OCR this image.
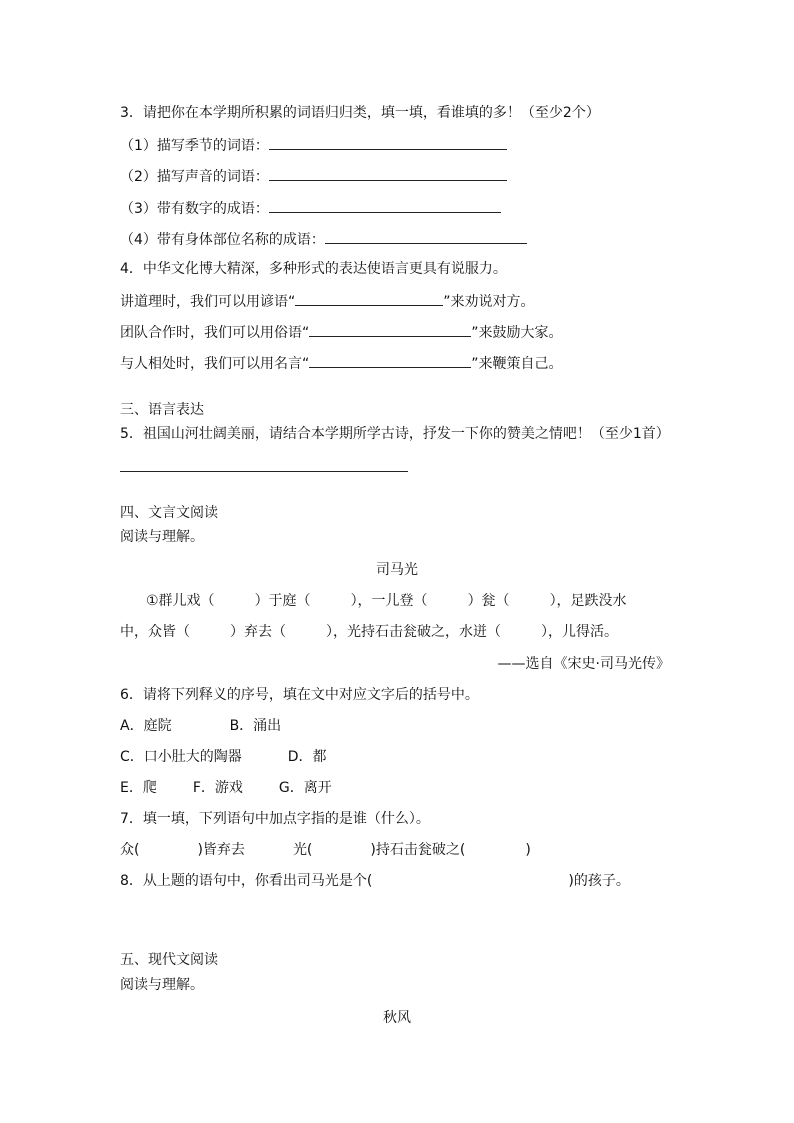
3．请把你在本学期所积累的词语归归类，填一填，看谁填的多！（至少2个）
（1）描写季节的词语：
（2）描写声音的词语：
（3）带有数字的成语：
（4）带有身体部位名称的成语：
4．中华文化博大精深，多种形式的表达使语言更具有说服力。
讲道理时，我们可以用谚语“	”来劝说对方。
团队合作时，我们可以用俗语“	”来鼓励大家。
与人相处时，我们可以用名言“	”来鞭策自己。
三、语言表达
5．祖国山河壮阔美丽，请结合本学期所学古诗，抒发一下你的赞美之情吧！（至少1首）
四、文言文阅读
阅读与理解。
司马光
①群儿戏（	）于庭（	），一儿登（	）瓮（	），足跌没水
中，众皆（	）弃去（	），光持石击瓮破之，水迸（	），儿得活。
——选自《宋史·司马光传》
6．请将下列释义的序号，填在文中对应文字后的括号中。
A．庭院	B．涌出
C．口小肚大的陶器	D．都
E．爬	F．游戏	G．离开
7．填一填，下列语句中加点字指的是谁（什么）。
众(	)皆弃去	光(	)持石击瓮破之(	)
8．从上题的语句中，你看出司马光是个(	)的孩子。
五、现代文阅读
阅读与理解。
秋风
